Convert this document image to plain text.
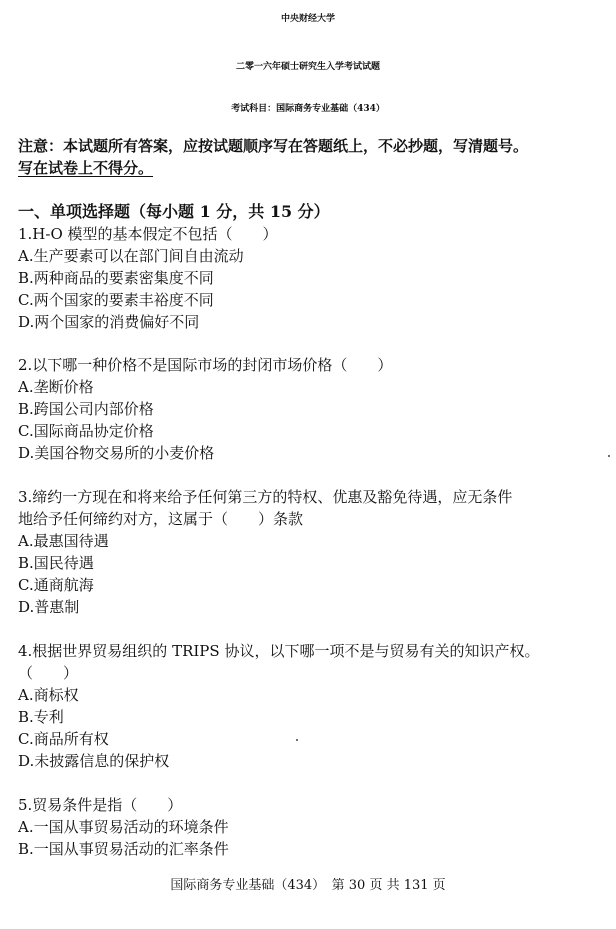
中央财经大学
二零一六年硕士研究生入学考试试题
考试科目：国际商务专业基础（434）
注意：本试题所有答案，应按试题顺序写在答题纸上，不必抄题，写清题号。
写在试卷上不得分。
一、单项选择题（每小题 1 分，共 15 分）
1.H-O 模型的基本假定不包括（　　）
A.生产要素可以在部门间自由流动
B.两种商品的要素密集度不同
C.两个国家的要素丰裕度不同
D.两个国家的消费偏好不同
2.以下哪一种价格不是国际市场的封闭市场价格（　　）
A.垄断价格
B.跨国公司内部价格
C.国际商品协定价格
D.美国谷物交易所的小麦价格
3.缔约一方现在和将来给予任何第三方的特权、优惠及豁免待遇，应无条件
地给予任何缔约对方，这属于（　　）条款
A.最惠国待遇
B.国民待遇
C.通商航海
D.普惠制
4.根据世界贸易组织的 TRIPS 协议，以下哪一项不是与贸易有关的知识产权。
（　　）
A.商标权
B.专利
C.商品所有权
D.未披露信息的保护权
5.贸易条件是指（　　）
A.一国从事贸易活动的环境条件
B.一国从事贸易活动的汇率条件
国际商务专业基础（434）　第 30 页 共 131 页
